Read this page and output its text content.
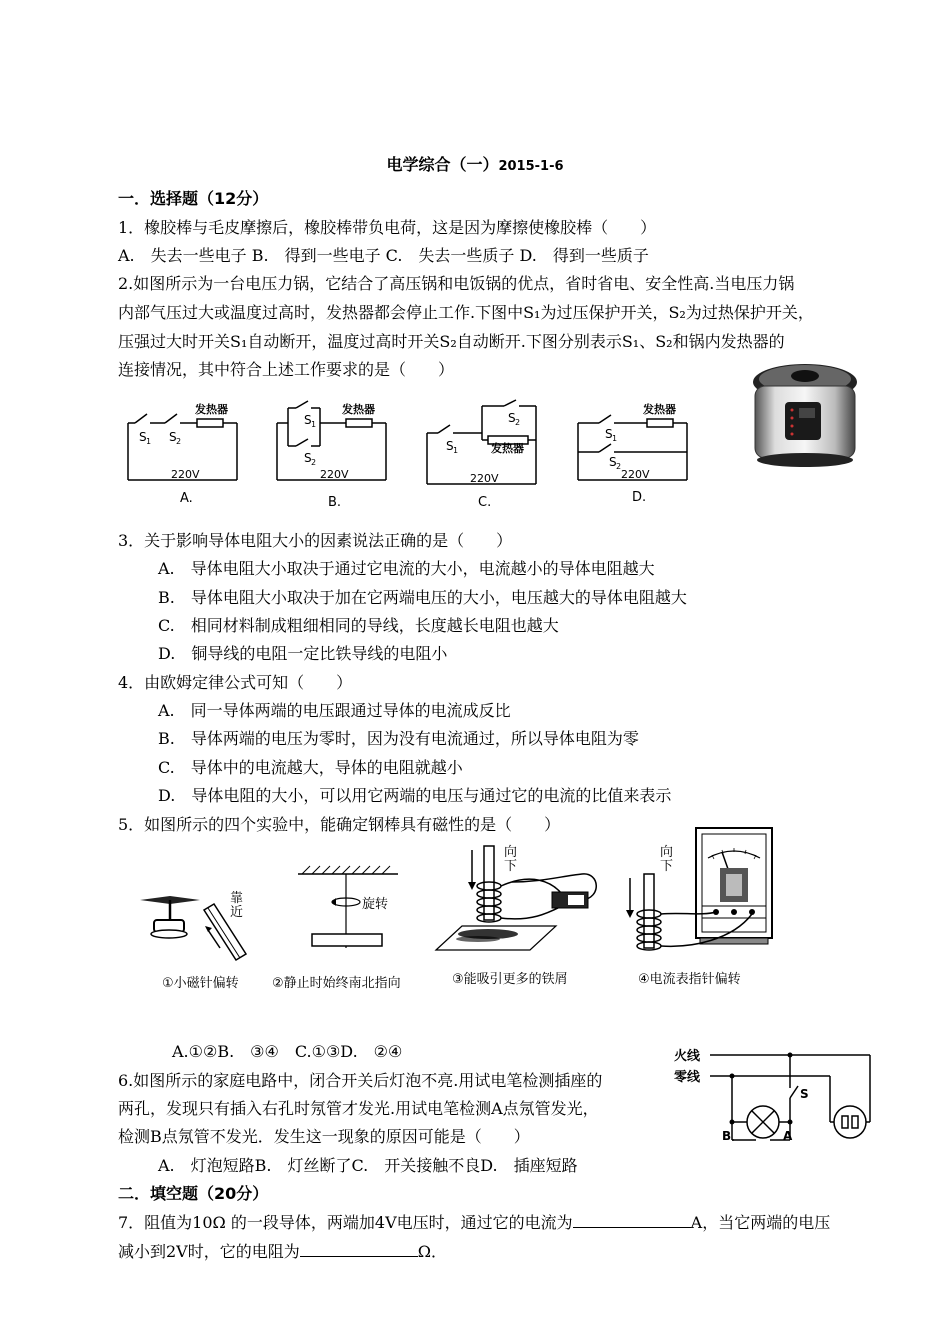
电学综合（一）2015-1-6
一．选择题（12分）
1．橡胶棒与毛皮摩擦后，橡胶棒带负电荷，这是因为摩擦使橡胶棒（　　）
A.　失去一些电子 B.　得到一些电子 C.　失去一些质子 D.　得到一些质子
2.如图所示为一台电压力锅，它结合了高压锅和电饭锅的优点，省时省电、安全性高.当电压力锅
内部气压过大或温度过高时，发热器都会停止工作.下图中S₁为过压保护开关，S₂为过热保护开关，
压强过大时开关S₁自动断开，温度过高时开关S₂自动断开.下图分别表示S₁、S₂和锅内发热器的
连接情况，其中符合上述工作要求的是（　　）
S 1 S 2
发热器
220V
A.
S 1
S 2
发热器
220V
B.
S 1
S 2
发热器
220V
C.
S 1
S 2
发热器
220V
D.
3．关于影响导体电阻大小的因素说法正确的是（　　）
A.　导体电阻大小取决于通过它电流的大小，电流越小的导体电阻越大
B.　导体电阻大小取决于加在它两端电压的大小，电压越大的导体电阻越大
C.　相同材料制成粗细相同的导线，长度越长电阻也越大
D.　铜导线的电阻一定比铁导线的电阻小
4．由欧姆定律公式可知（　　）
A.　同一导体两端的电压跟通过导体的电流成反比
B.　导体两端的电压为零时，因为没有电流通过，所以导体电阻为零
C.　导体中的电流越大，导体的电阻就越小
D.　导体电阻的大小，可以用它两端的电压与通过它的电流的比值来表示
5．如图所示的四个实验中，能确定钢棒具有磁性的是（　　）
靠近
①小磁针偏转
旋转
②静止时始终南北指向
向下
③能吸引更多的铁屑
向下
④电流表指针偏转
A.①②B.　③④　C.①③D.　②④
6.如图所示的家庭电路中，闭合开关后灯泡不亮.用试电笔检测插座的
两孔，发现只有插入右孔时氖管才发光.用试电笔检测A点氖管发光，
检测B点氖管不发光．发生这一现象的原因可能是（　　）
A.　灯泡短路B.　灯丝断了C.　开关接触不良D.　插座短路
火线
零线
S
B	A
二．填空题（20分）
7．阻值为10Ω 的一段导体，两端加4V电压时，通过它的电流为	A，当它两端的电压
减小到2V时，它的电阻为	Ω．
